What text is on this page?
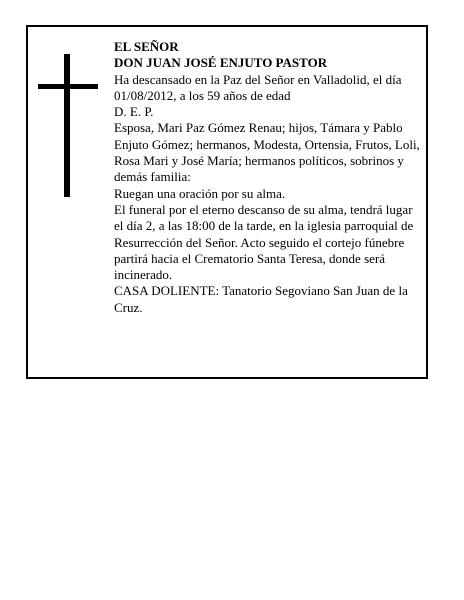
EL SEÑOR

DON JUAN JOSÉ ENJUTO PASTOR

Ha descansado en la Paz del Señor en Valladolid, el día 01/08/2012, a los 59 años de edad

D. E. P.

Esposa, Mari Paz Gómez Renau; hijos, Támara y Pablo Enjuto Gómez; hermanos, Modesta, Ortensia, Frutos, Loli, Rosa Mari y José María; hermanos políticos, sobrinos y demás familia:

Ruegan una oración por su alma.

El funeral por el eterno descanso de su alma, tendrá lugar el día 2, a las 18:00 de la tarde, en la iglesia parroquial de Resurrección del Señor. Acto seguido el cortejo fúnebre partirá hacia el Crematorio Santa Teresa, donde será incinerado.

CASA DOLIENTE: Tanatorio Segoviano San Juan de la Cruz.
